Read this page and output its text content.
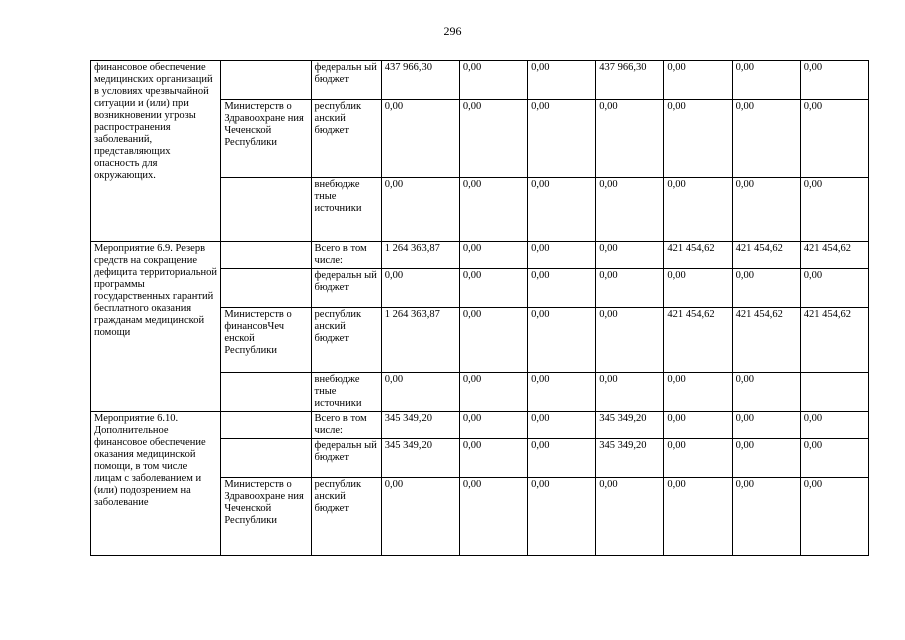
296
финансовое обеспечение медицинских организаций в условиях чрезвычайной ситуации и (или) при возникновении угрозы распространения заболеваний, представляющих опасность для окружающих.		федеральн ый бюджет	437 966,30	0,00	0,00	437 966,30	0,00	0,00	0,00
	Министерств о Здравоохране ния Чеченской Республики	республик анский бюджет	0,00	0,00	0,00	0,00	0,00	0,00	0,00
		внебюдже тные источники	0,00	0,00	0,00	0,00	0,00	0,00	0,00
Мероприятие 6.9. Резерв средств на сокращение дефицита территориальной программы государственных гарантий бесплатного оказания гражданам медицинской помощи		Всего в том числе:	1 264 363,87	0,00	0,00	0,00	421 454,62	421 454,62	421 454,62
		федеральн ый бюджет	0,00	0,00	0,00	0,00	0,00	0,00	0,00
	Министерств о финансовЧеч енской Республики	республик анский бюджет	1 264 363,87	0,00	0,00	0,00	421 454,62	421 454,62	421 454,62
		внебюдже тные источники	0,00	0,00	0,00	0,00	0,00	0,00	
Мероприятие 6.10. Дополнительное финансовое обеспечение оказания медицинской помощи, в том числе лицам с заболеванием и (или) подозрением на заболевание		Всего в том числе:	345 349,20	0,00	0,00	345 349,20	0,00	0,00	0,00
		федеральн ый бюджет	345 349,20	0,00	0,00	345 349,20	0,00	0,00	0,00
	Министерств о Здравоохране ния Чеченской Республики	республик анский бюджет	0,00	0,00	0,00	0,00	0,00	0,00	0,00
